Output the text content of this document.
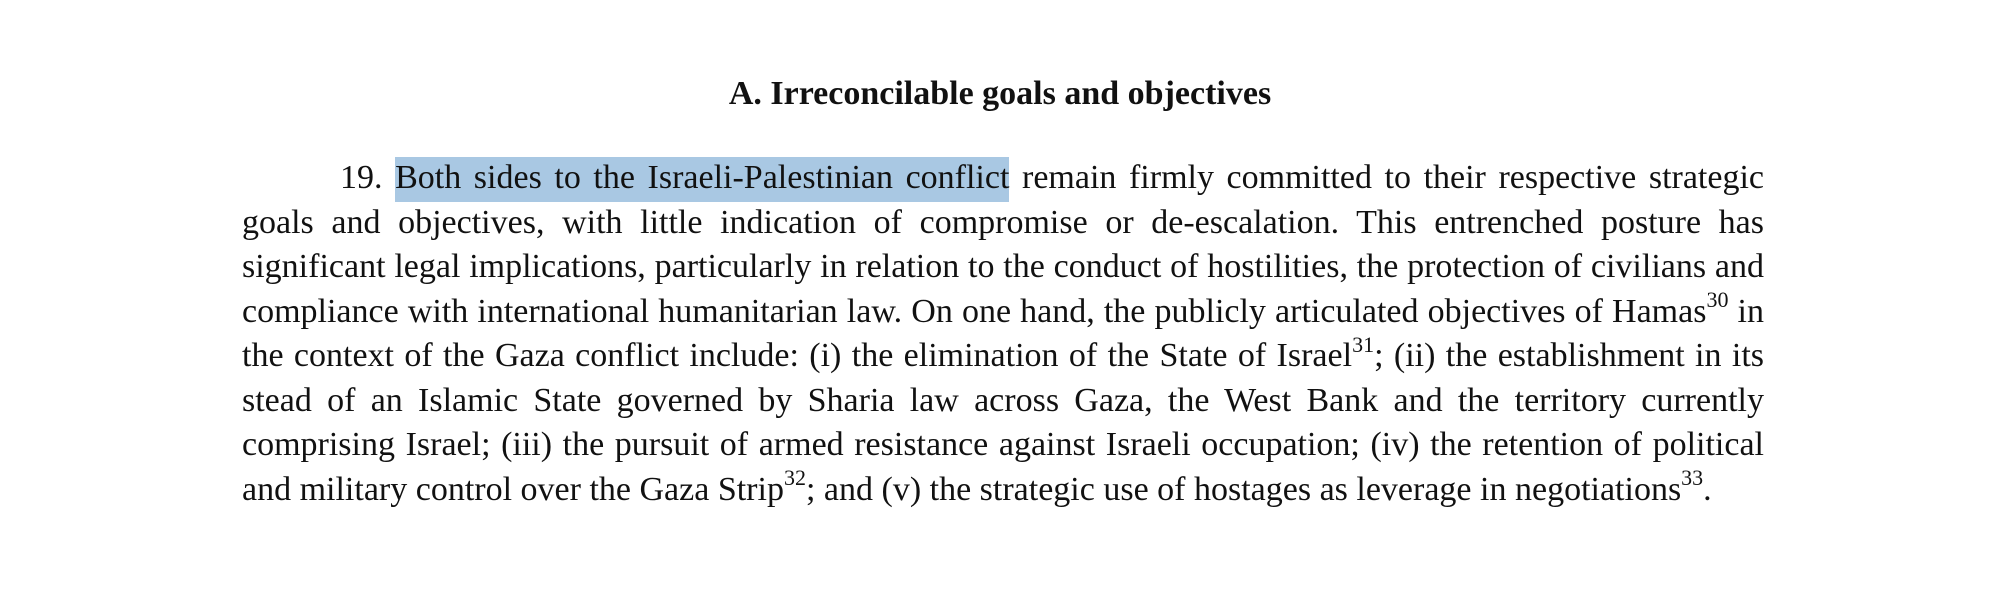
A. Irreconcilable goals and objectives

19. Both sides to the Israeli-Palestinian conflict remain firmly committed to their respective strategic goals and objectives, with little indication of compromise or de-escalation. This entrenched posture has significant legal implications, particularly in relation to the conduct of hostilities, the protection of civilians and compliance with international humanitarian law. On one hand, the publicly articulated objectives of Hamas$^{30}$ in the context of the Gaza conflict include: (i) the elimination of the State of Israel$^{31}$; (ii) the establishment in its stead of an Islamic State governed by Sharia law across Gaza, the West Bank and the territory currently comprising Israel; (iii) the pursuit of armed resistance against Israeli occupation; (iv) the retention of political and military control over the Gaza Strip$^{32}$; and (v) the strategic use of hostages as leverage in negotiations$^{33}$.
